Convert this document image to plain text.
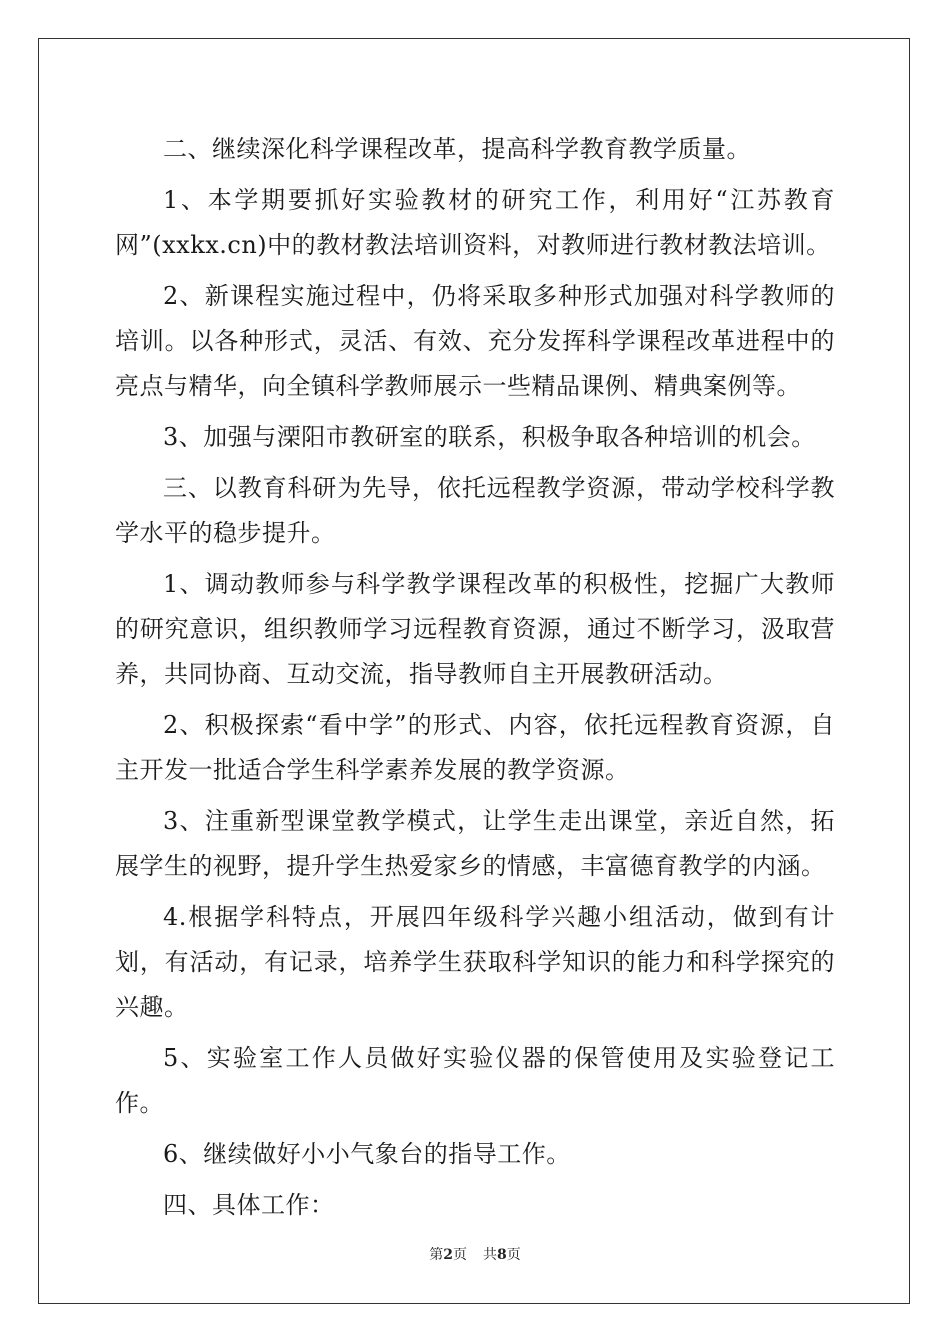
二、继续深化科学课程改革，提高科学教育教学质量。

1、本学期要抓好实验教材的研究工作，利用好“江苏教育网”(xxkx.cn)中的教材教法培训资料，对教师进行教材教法培训。

2、新课程实施过程中，仍将采取多种形式加强对科学教师的培训。以各种形式，灵活、有效、充分发挥科学课程改革进程中的亮点与精华，向全镇科学教师展示一些精品课例、精典案例等。

3、加强与溧阳市教研室的联系，积极争取各种培训的机会。

三、以教育科研为先导，依托远程教学资源，带动学校科学教学水平的稳步提升。

1、调动教师参与科学教学课程改革的积极性，挖掘广大教师的研究意识，组织教师学习远程教育资源，通过不断学习，汲取营养，共同协商、互动交流，指导教师自主开展教研活动。

2、积极探索“看中学”的形式、内容，依托远程教育资源，自主开发一批适合学生科学素养发展的教学资源。

3、注重新型课堂教学模式，让学生走出课堂，亲近自然，拓展学生的视野，提升学生热爱家乡的情感，丰富德育教学的内涵。

4.根据学科特点，开展四年级科学兴趣小组活动，做到有计划，有活动，有记录，培养学生获取科学知识的能力和科学探究的兴趣。

5、实验室工作人员做好实验仪器的保管使用及实验登记工作。

6、继续做好小小气象台的指导工作。

四、具体工作：

第2页 共8页
